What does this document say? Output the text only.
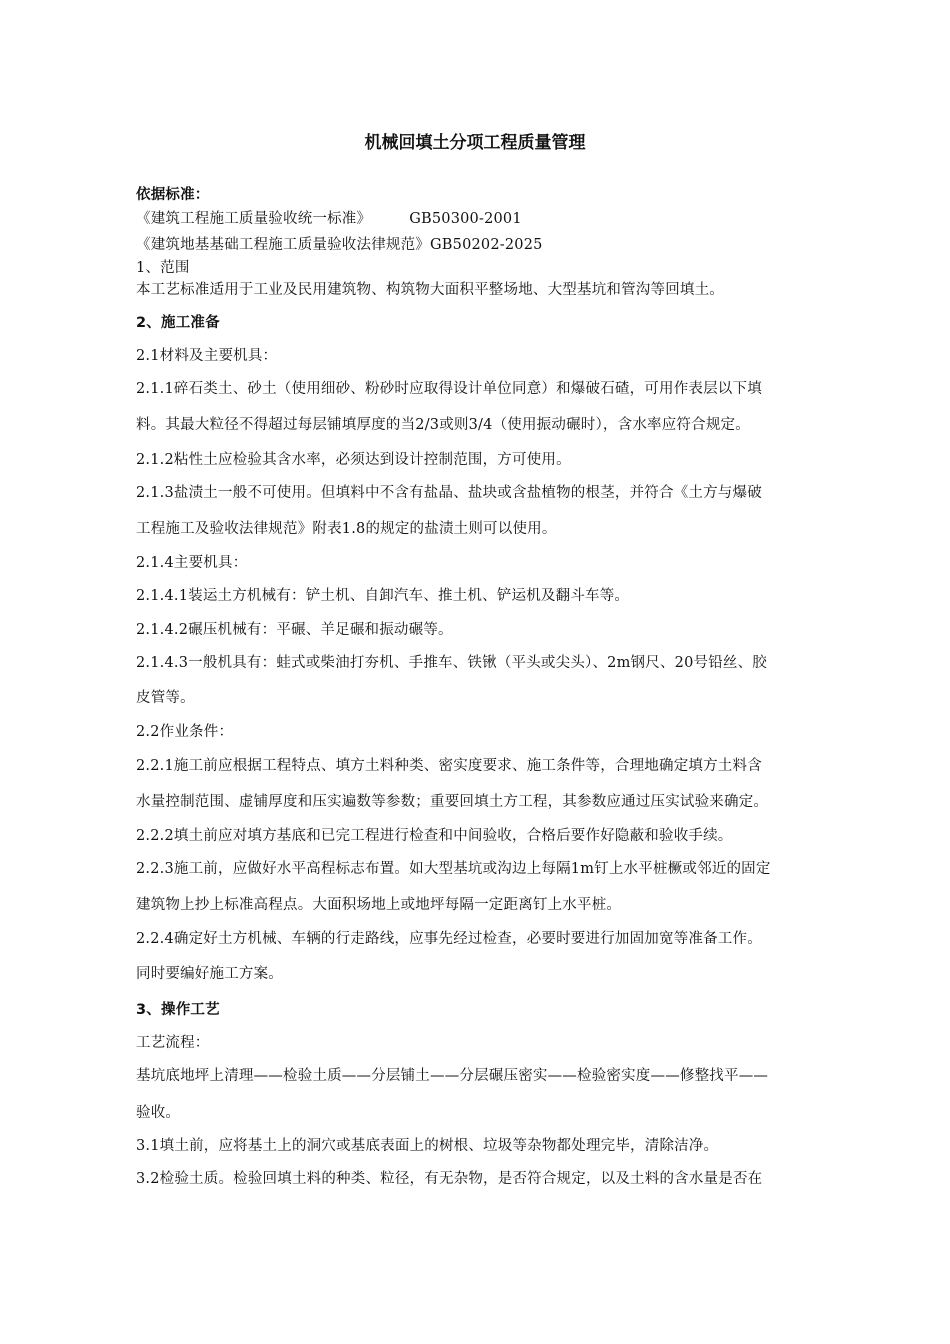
机械回填土分项工程质量管理
依据标准：
《建筑工程施工质量验收统一标准》	GB50300-2001
《建筑地基基础工程施工质量验收法律规范》GB50202-2025
1、范围
本工艺标准适用于工业及民用建筑物、构筑物大面积平整场地、大型基坑和管沟等回填土。
2、施工准备
2.1材料及主要机具：
2.1.1碎石类土、砂土（使用细砂、粉砂时应取得设计单位同意）和爆破石碴，可用作表层以下填
料。其最大粒径不得超过每层铺填厚度的当2/3或则3/4（使用振动碾时），含水率应符合规定。
2.1.2粘性土应检验其含水率，必须达到设计控制范围，方可使用。
2.1.3盐渍土一般不可使用。但填料中不含有盐晶、盐块或含盐植物的根茎，并符合《土方与爆破
工程施工及验收法律规范》附表1.8的规定的盐渍土则可以使用。
2.1.4主要机具：
2.1.4.1装运土方机械有：铲土机、自卸汽车、推土机、铲运机及翻斗车等。
2.1.4.2碾压机械有：平碾、羊足碾和振动碾等。
2.1.4.3一般机具有：蛙式或柴油打夯机、手推车、铁锹（平头或尖头）、2m钢尺、20号铅丝、胶
皮管等。
2.2作业条件：
2.2.1施工前应根据工程特点、填方土料种类、密实度要求、施工条件等，合理地确定填方土料含
水量控制范围、虚铺厚度和压实遍数等参数；重要回填土方工程，其参数应通过压实试验来确定。
2.2.2填土前应对填方基底和已完工程进行检查和中间验收，合格后要作好隐蔽和验收手续。
2.2.3施工前，应做好水平高程标志布置。如大型基坑或沟边上每隔1m钉上水平桩橛或邻近的固定
建筑物上抄上标准高程点。大面积场地上或地坪每隔一定距离钉上水平桩。
2.2.4确定好土方机械、车辆的行走路线，应事先经过检查，必要时要进行加固加宽等准备工作。
同时要编好施工方案。
3、操作工艺
工艺流程：
基坑底地坪上清理——检验土质——分层铺土——分层碾压密实——检验密实度——修整找平——
验收。
3.1填土前，应将基土上的洞穴或基底表面上的树根、垃圾等杂物都处理完毕，清除洁净。
3.2检验土质。检验回填土料的种类、粒径，有无杂物，是否符合规定，以及土料的含水量是否在
